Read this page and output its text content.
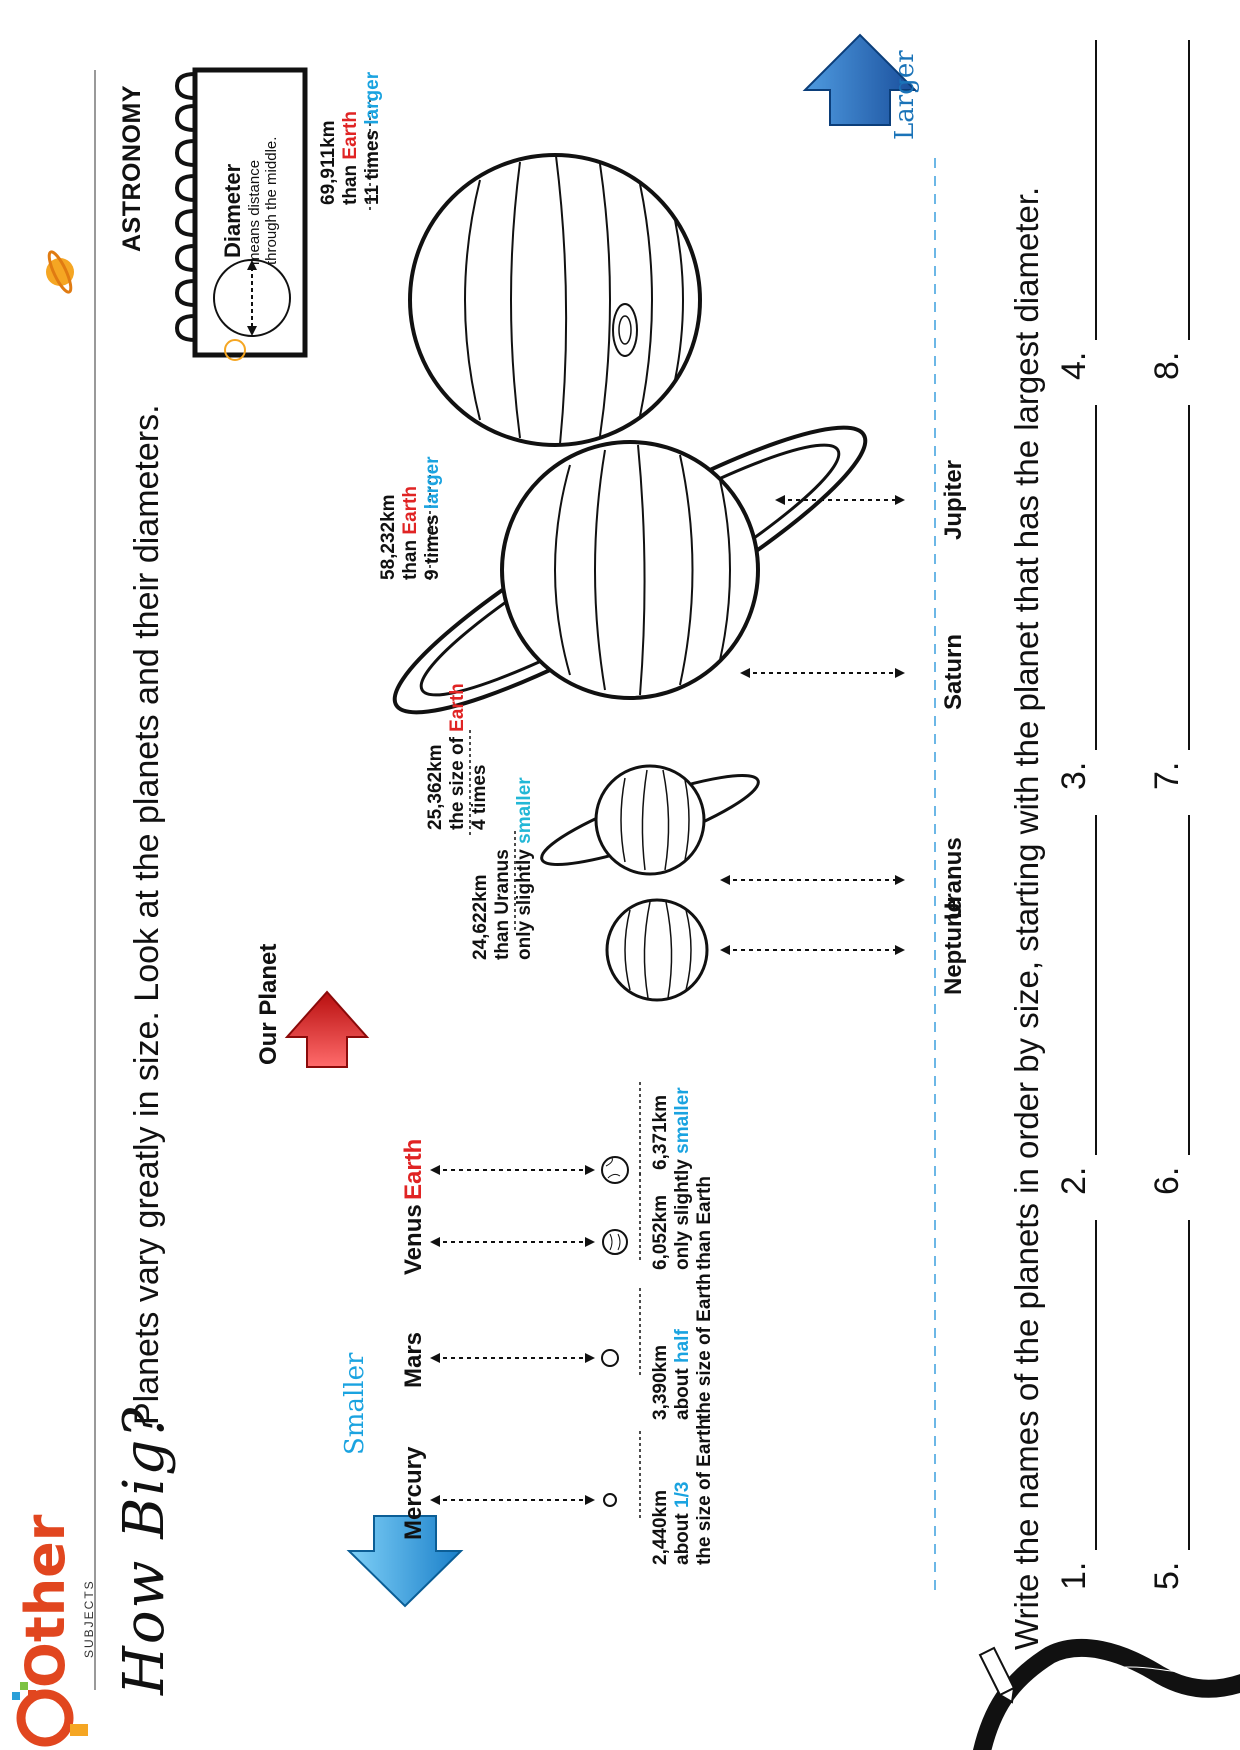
Other SUBJECTS
ASTRONOMY
How Big?
Planets vary greatly in size. Look at the planets and their diameters.
Diameter means distance through the middle.
Smaller
Larger
Our Planet
Mercury
Mars
Venus
Earth
Neptune
Uranus
Saturn
Jupiter
2,440km about 1/3 the size of Earth
3,390km about half the size of Earth
6,052km only slightly smaller
than Earth
6,371km
24,622km than Uranus only slightly smaller
25,362km the size of Earth
4 times
58,232km than Earth 9 times larger
69,911km than Earth 11 times larger
Write the names of the planets in order by size, starting with the planet that has the largest diameter. 1.
2.
3.
4.
5.
6.
7.
8.
